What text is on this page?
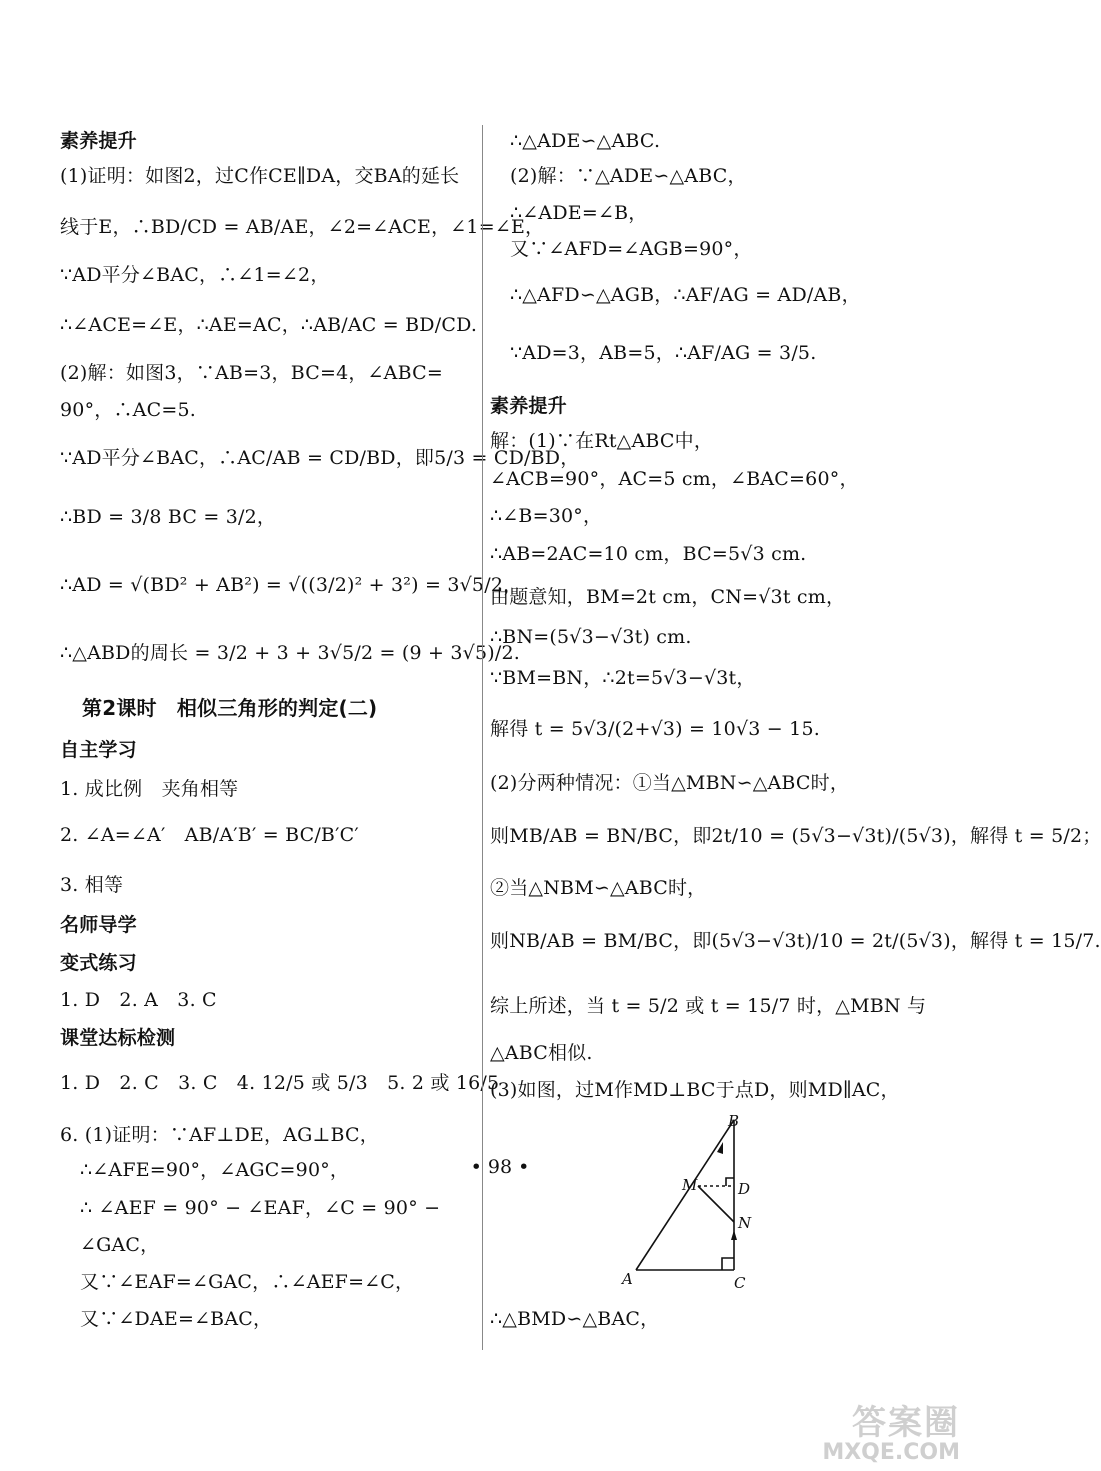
素养提升
(1)证明：如图2，过C作CE∥DA，交BA的延长
线于E，∴BD/CD = AB/AE，∠2=∠ACE，∠1=∠E，
∵AD平分∠BAC，∴∠1=∠2，
∴∠ACE=∠E，∴AE=AC，∴AB/AC = BD/CD.
(2)解：如图3，∵AB=3，BC=4，∠ABC=
90°，∴AC=5.
∵AD平分∠BAC，∴AC/AB = CD/BD，即5/3 = CD/BD，
∴BD = 3/8 BC = 3/2，
∴AD = √(BD² + AB²) = √((3/2)² + 3²) = 3√5/2，
∴△ABD的周长 = 3/2 + 3 + 3√5/2 = (9 + 3√5)/2.
第2课时　相似三角形的判定(二)
自主学习
1. 成比例　夹角相等
2. ∠A=∠A′　AB/A′B′ = BC/B′C′
3. 相等
名师导学
变式练习
1. D　2. A　3. C
课堂达标检测
1. D　2. C　3. C　4. 12/5 或 5/3　5. 2 或 16/5
6. (1)证明：∵AF⊥DE，AG⊥BC，
∴∠AFE=90°，∠AGC=90°，
∴ ∠AEF = 90° − ∠EAF，∠C = 90° −
∠GAC，
又∵∠EAF=∠GAC，∴∠AEF=∠C，
又∵∠DAE=∠BAC，
∴△ADE∽△ABC.
(2)解：∵△ADE∽△ABC，
∴∠ADE=∠B，
又∵∠AFD=∠AGB=90°，
∴△AFD∽△AGB，∴AF/AG = AD/AB，
∵AD=3，AB=5，∴AF/AG = 3/5.
素养提升
解：(1)∵在Rt△ABC中，
∠ACB=90°，AC=5 cm，∠BAC=60°，
∴∠B=30°，
∴AB=2AC=10 cm，BC=5√3 cm.
由题意知，BM=2t cm，CN=√3t cm，
∴BN=(5√3−√3t) cm.
∵BM=BN，∴2t=5√3−√3t，
解得 t = 5√3/(2+√3) = 10√3 − 15.
(2)分两种情况：①当△MBN∽△ABC时，
则MB/AB = BN/BC，即2t/10 = (5√3−√3t)/(5√3)，解得 t = 5/2；
②当△NBM∽△ABC时，
则NB/AB = BM/BC，即(5√3−√3t)/10 = 2t/(5√3)，解得 t = 15/7.
综上所述，当 t = 5/2 或 t = 15/7 时，△MBN 与
△ABC相似.
(3)如图，过M作MD⊥BC于点D，则MD∥AC，
∴△BMD∽△BAC，
B
M	D
N
A	C
• 98 •
答案圈
MXQE.COM
